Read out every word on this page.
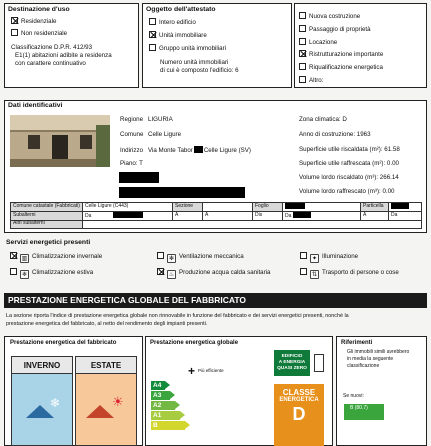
Destinazione d'uso
Residenziale
Non residenziale
Classificazione D.P.R. 412/93
E1(1) abitazioni adibite a residenza
con carattere continuativo
Oggetto dell'attestato
Intero edificio
Unità immobiliare
Gruppo unità immobiliari
Numero unità immobiliari
di cui è composto l'edificio: 6
Nuova costruzione
Passaggio di proprietà
Locazione
Ristrutturazione importante
Riqualificazione energetica
Altro:
Dati identificativi
Regione LIGURIA
Comune Celle Ligure
Indirizzo Via Monte Tabor Celle Ligure (SV)
Piano: T
Zona climatica: D
Anno di costruzione: 1963
Superficie utile riscaldata (m²): 61.58
Superficie utile raffrescata (m²): 0.00
Volume lordo riscaldato (m³): 266.14
Volume lordo raffrescato (m³): 0.00
Comune catastale (Fabbricati)	Celle Ligure (C443)	Sezione		Foglio		Particella	
Subalterni	Da	A	A	Dis	Da	A	Da
Altri subalterni							
Servizi energetici presenti
▥ Climatizzazione invernale
❄ Climatizzazione estiva
✻ Ventilazione meccanica
♨ Produzione acqua calda sanitaria
✦ Illuminazione
⇅ Trasporto di persone o cose
PRESTAZIONE ENERGETICA GLOBALE DEL FABBRICATO
La sezione riporta l'indice di prestazione energetica globale non rinnovabile in funzione del fabbricato e dei servizi energetici presenti, nonché la
prestazione energetica del fabbricato, al netto del rendimento degli impianti presenti.
Prestazione energetica del fabbricato
INVERNO
❄
ESTATE
☀
Prestazione energetica globale
+ Più efficiente
A4
A3
A2
A1
B
EDIFICIO
A ENERGIA
QUASI ZERO
CLASSE
ENERGETICA
D
Riferimenti
Gli immobili simili avrebbero
in media la seguente
classificazione
Se nuovi:
B (80.7)
